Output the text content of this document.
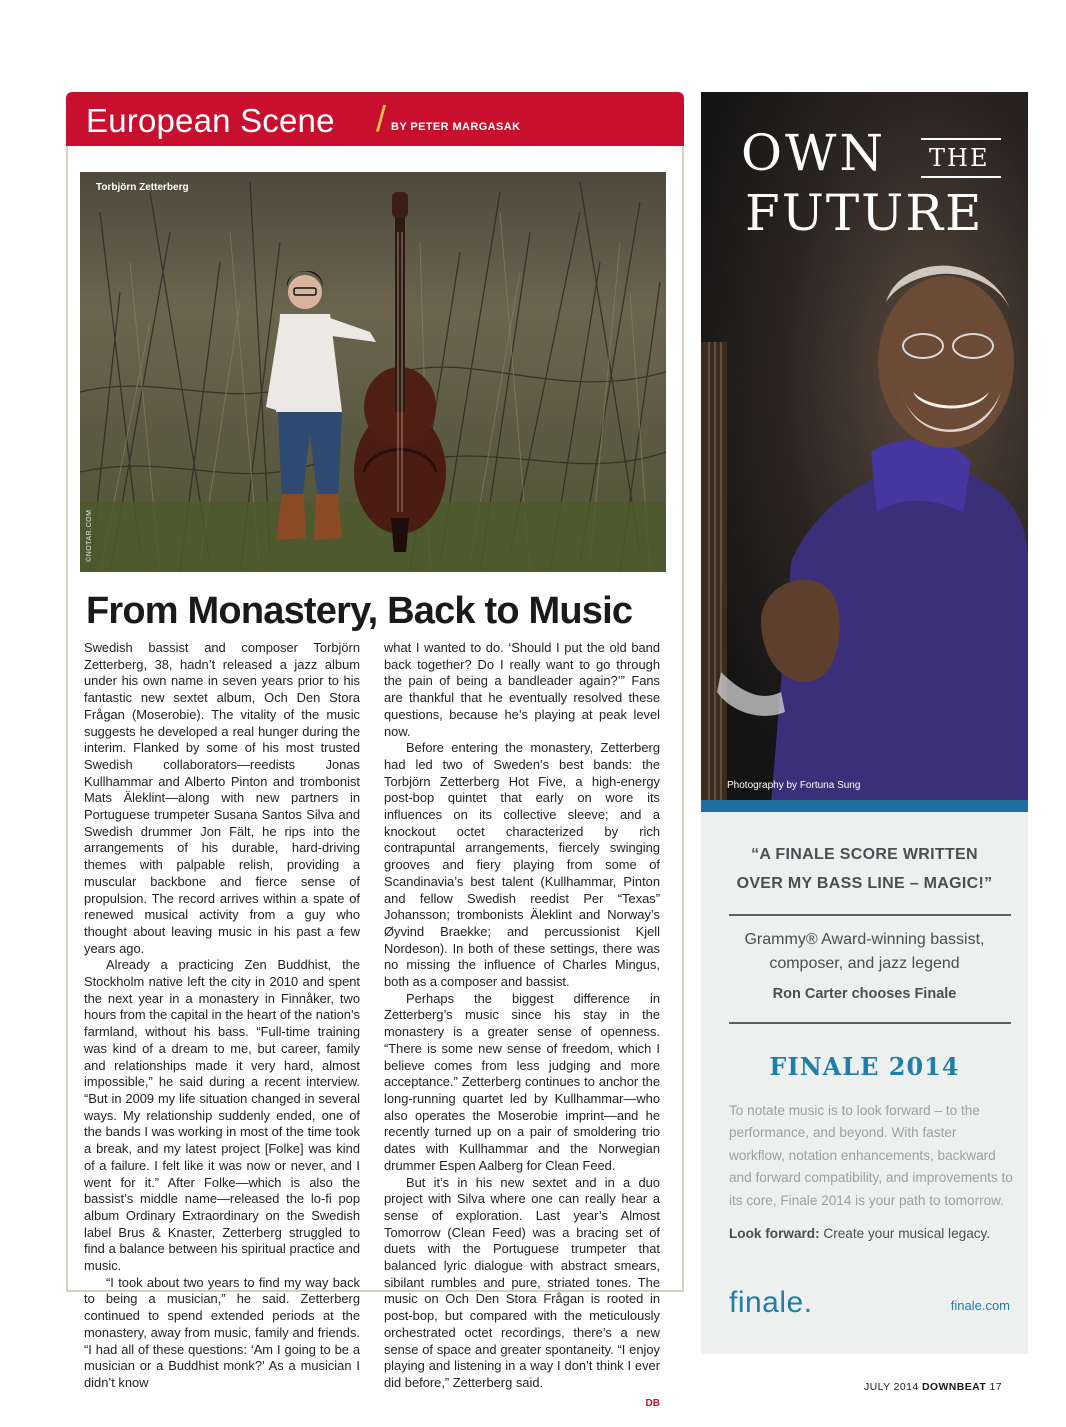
European Scene / BY PETER MARGASAK
Torbjörn Zetterberg
©NOTAR.COM
From Monastery, Back to Music

Swedish bassist and composer Torbjörn Zetterberg, 38, hadn’t released a jazz album under his own name in seven years prior to his fantastic new sextet album, Och Den Stora Frågan (Moserobie). The vitality of the music suggests he developed a real hunger during the interim. Flanked by some of his most trusted Swedish collaborators—reedists Jonas Kullhammar and Alberto Pinton and trombonist Mats Äleklint—along with new partners in Portuguese trumpeter Susana Santos Silva and Swedish drummer Jon Fält, he rips into the arrangements of his durable, hard-driving themes with palpable relish, providing a muscular backbone and fierce sense of propulsion. The record arrives within a spate of renewed musical activity from a guy who thought about leaving music in his past a few years ago.

Already a practicing Zen Buddhist, the Stockholm native left the city in 2010 and spent the next year in a monastery in Finnåker, two hours from the capital in the heart of the nation’s farmland, without his bass. “Full-time training was kind of a dream to me, but career, family and relationships made it very hard, almost impossible,” he said during a recent interview. “But in 2009 my life situation changed in several ways. My relationship suddenly ended, one of the bands I was working in most of the time took a break, and my latest project [Folke] was kind of a failure. I felt like it was now or never, and I went for it.” After Folke—which is also the bassist’s middle name—released the lo-fi pop album Ordinary Extraordinary on the Swedish label Brus & Knaster, Zetterberg struggled to find a balance between his spiritual practice and music.

“I took about two years to find my way back to being a musician,” he said. Zetterberg continued to spend extended periods at the monastery, away from music, family and friends. “I had all of these questions: ‘Am I going to be a musician or a Buddhist monk?’ As a musician I didn’t know

what I wanted to do. ‘Should I put the old band back together? Do I really want to go through the pain of being a bandleader again?’” Fans are thankful that he eventually resolved these questions, because he’s playing at peak level now.

Before entering the monastery, Zetterberg had led two of Sweden’s best bands: the Torbjörn Zetterberg Hot Five, a high-energy post-bop quintet that early on wore its influences on its collective sleeve; and a knockout octet characterized by rich contrapuntal arrangements, fiercely swinging grooves and fiery playing from some of Scandinavia’s best talent (Kullhammar, Pinton and fellow Swedish reedist Per “Texas” Johansson; trombonists Äleklint and Norway’s Øyvind Braekke; and percussionist Kjell Nordeson). In both of these settings, there was no missing the influence of Charles Mingus, both as a composer and bassist.

Perhaps the biggest difference in Zetterberg’s music since his stay in the monastery is a greater sense of openness. “There is some new sense of freedom, which I believe comes from less judging and more acceptance.” Zetterberg continues to anchor the long-running quartet led by Kullhammar—who also operates the Moserobie imprint—and he recently turned up on a pair of smoldering trio dates with Kullhammar and the Norwegian drummer Espen Aalberg for Clean Feed.

But it’s in his new sextet and in a duo project with Silva where one can really hear a sense of exploration. Last year’s Almost Tomorrow (Clean Feed) was a bracing set of duets with the Portuguese trumpeter that balanced lyric dialogue with abstract smears, sibilant rumbles and pure, striated tones. The music on Och Den Stora Frågan is rooted in post-bop, but compared with the meticulously orchestrated octet recordings, there’s a new sense of space and greater spontaneity. “I enjoy playing and listening in a way I don’t think I ever did before,” Zetterberg said.

DB
OWN THE
FUTURE
Photography by Fortuna Sung
“A FINALE SCORE WRITTEN
OVER MY BASS LINE – MAGIC!”
Grammy® Award-winning bassist,
composer, and jazz legend
Ron Carter chooses Finale
FINALE 2014
To notate music is to look forward – to the performance, and beyond. With faster workflow, notation enhancements, backward and forward compatibility, and improvements to its core, Finale 2014 is your path to tomorrow.
Look forward: Create your musical legacy.
finale.	finale.com
JULY 2014 DOWNBEAT 17
